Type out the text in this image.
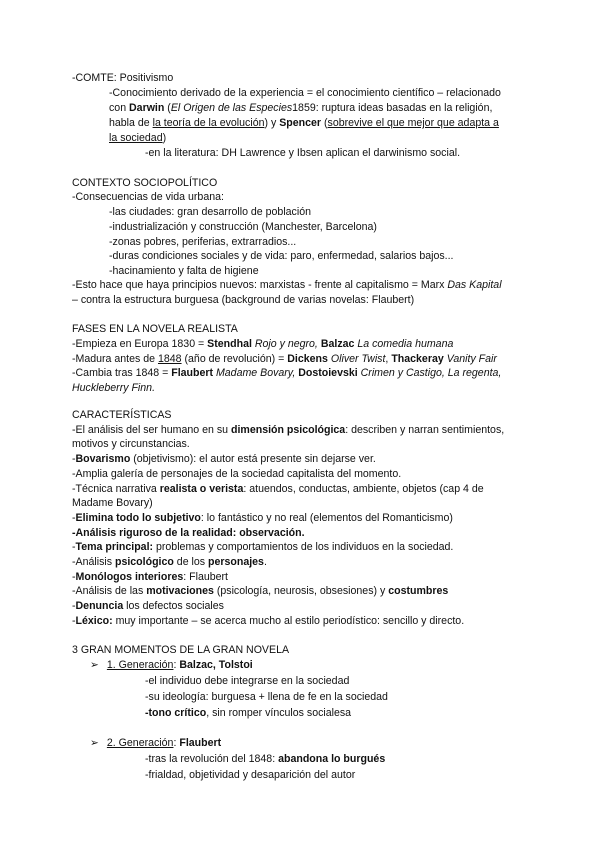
-COMTE: Positivismo
-Conocimiento derivado de la experiencia = el conocimiento científico – relacionado
con Darwin (El Origen de las Especies1859: ruptura ideas basadas en la religión,
habla de la teoría de la evolución) y Spencer (sobrevive el que mejor que adapta a
la sociedad)
-en la literatura: DH Lawrence y Ibsen aplican el darwinismo social.
CONTEXTO SOCIOPOLÍTICO
-Consecuencias de vida urbana:
-las ciudades: gran desarrollo de población
-industrialización y construcción (Manchester, Barcelona)
-zonas pobres, periferias, extrarradios...
-duras condiciones sociales y de vida: paro, enfermedad, salarios bajos...
-hacinamiento y falta de higiene
-Esto hace que haya principios nuevos: marxistas - frente al capitalismo = Marx Das Kapital
– contra la estructura burguesa (background de varias novelas: Flaubert)
FASES EN LA NOVELA REALISTA
-Empieza en Europa 1830 = Stendhal Rojo y negro, Balzac La comedia humana
-Madura antes de 1848 (año de revolución) = Dickens Oliver Twist, Thackeray Vanity Fair
-Cambia tras 1848 = Flaubert Madame Bovary, Dostoievski Crimen y Castigo, La regenta,
Huckleberry Finn.
CARACTERÍSTICAS
-El análisis del ser humano en su dimensión psicológica: describen y narran sentimientos,
motivos y circunstancias.
-Bovarismo (objetivismo): el autor está presente sin dejarse ver.
-Amplia galería de personajes de la sociedad capitalista del momento.
-Técnica narrativa realista o verista: atuendos, conductas, ambiente, objetos (cap 4 de
Madame Bovary)
-Elimina todo lo subjetivo: lo fantástico y no real (elementos del Romanticismo)
-Análisis riguroso de la realidad: observación.
-Tema principal: problemas y comportamientos de los individuos en la sociedad.
-Análisis psicológico de los personajes.
-Monólogos interiores: Flaubert
-Análisis de las motivaciones (psicología, neurosis, obsesiones) y costumbres
-Denuncia los defectos sociales
-Léxico: muy importante – se acerca mucho al estilo periodístico: sencillo y directo.
3 GRAN MOMENTOS DE LA GRAN NOVELA
➢ 1. Generación: Balzac, Tolstoi
-el individuo debe integrarse en la sociedad
-su ideología: burguesa + llena de fe en la sociedad
-tono crítico, sin romper vínculos socialesa
➢ 2. Generación: Flaubert
-tras la revolución del 1848: abandona lo burgués
-frialdad, objetividad y desaparición del autor
